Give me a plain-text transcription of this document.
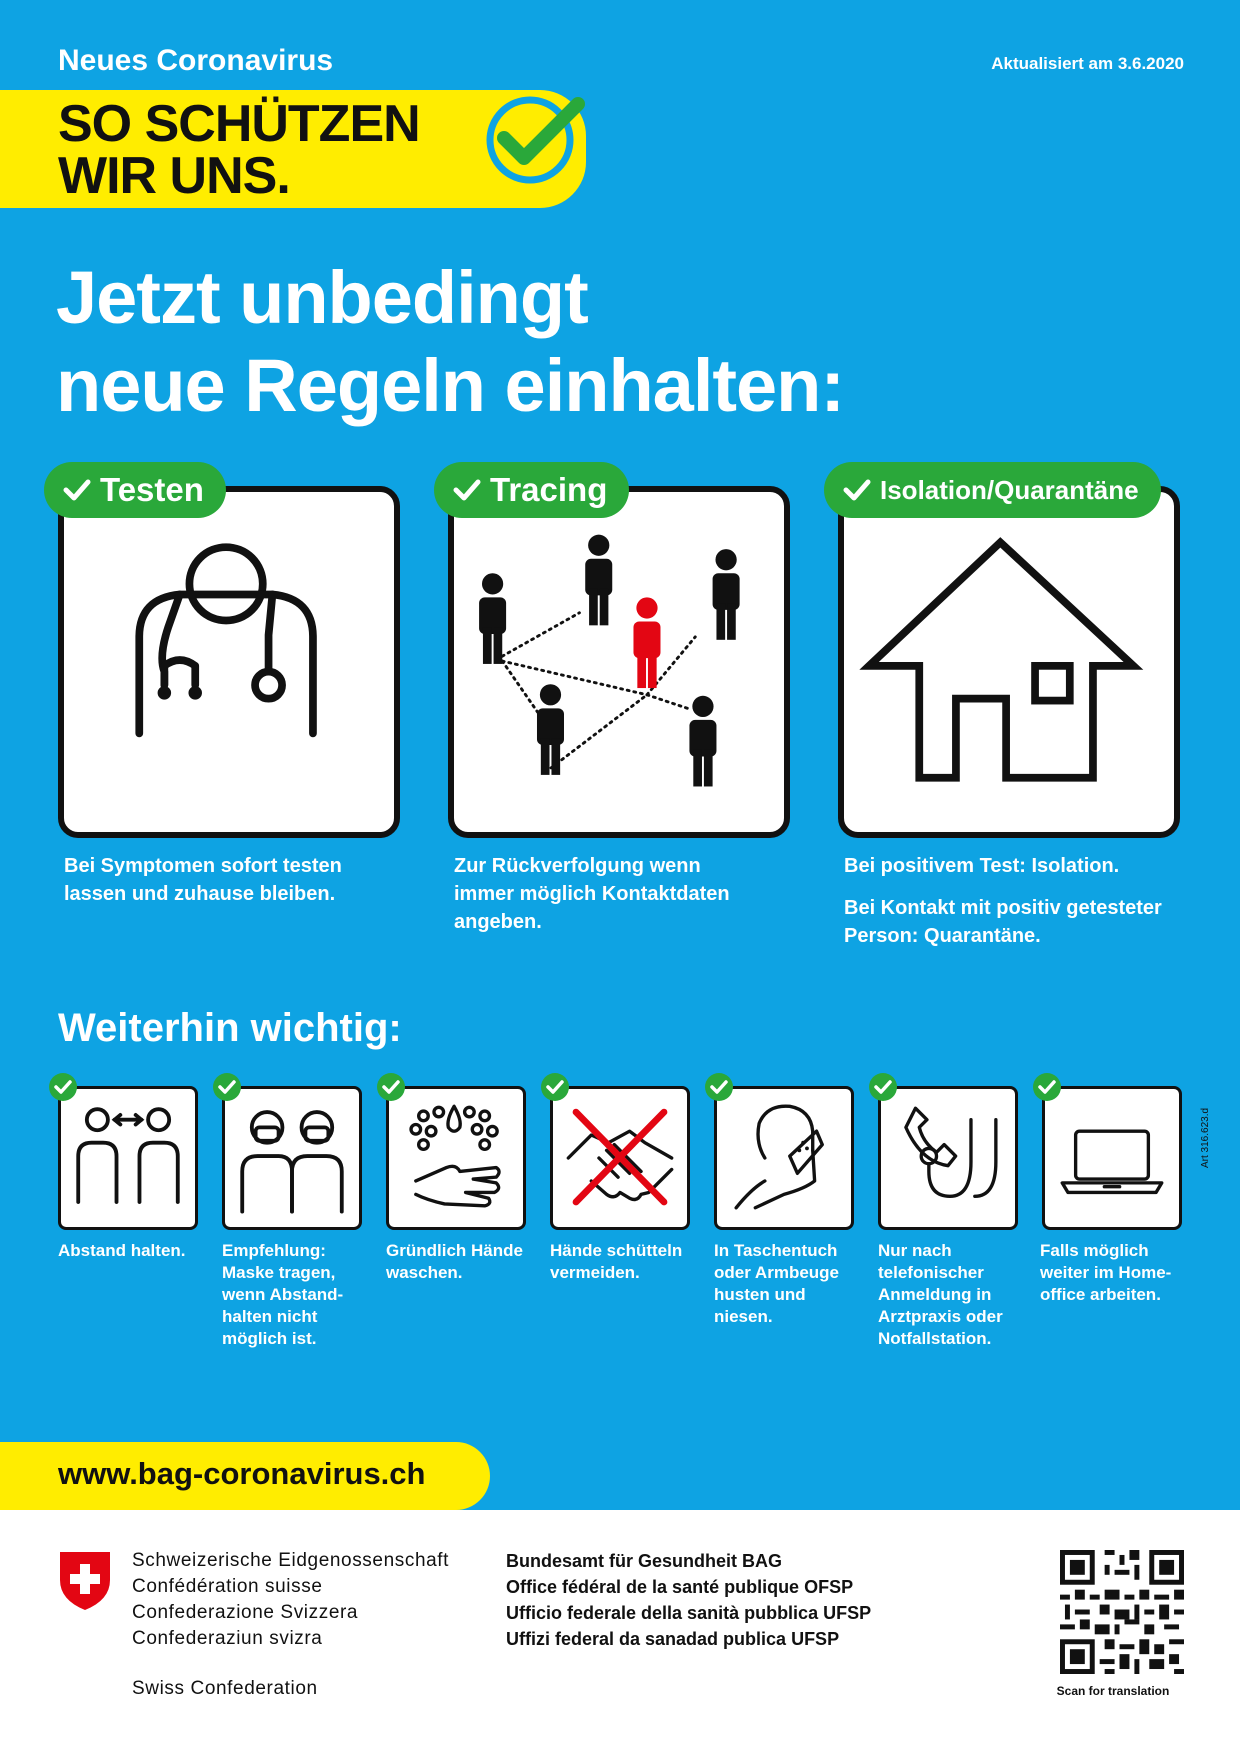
Neues Coronavirus	Aktualisiert am 3.6.2020
SO SCHÜTZEN
WIR UNS.
Jetzt unbedingt
neue Regeln einhalten:
Testen
Bei Symptomen sofort testen
lassen und zuhause bleiben.
Tracing
Zur Rückverfolgung wenn
immer möglich Kontaktdaten
angeben.
Isolation/Quarantäne

Bei positivem Test: Isolation.

Bei Kontakt mit positiv getesteter
Person: Quarantäne.

Weiterhin wichtig:
Abstand halten.	Empfehlung:
Maske tragen,
wenn Abstand-
halten nicht
möglich ist.
Gründlich Hände
waschen.
Hände schütteln
vermeiden.
In Taschentuch
oder Armbeuge
husten und
niesen.
Nur nach
telefonischer
Anmeldung in
Arztpraxis oder
Notfallstation.
Falls möglich
weiter im Home-
office arbeiten.
Art 316.623.d
www.bag-coronavirus.ch
Schweizerische Eidgenossenschaft
Confédération suisse
Confederazione Svizzera
Confederaziun svizra
Swiss Confederation
Bundesamt für Gesundheit BAG
Office fédéral de la santé publique OFSP
Ufficio federale della sanità pubblica UFSP
Uffizi federal da sanadad publica UFSP
Scan for translation
